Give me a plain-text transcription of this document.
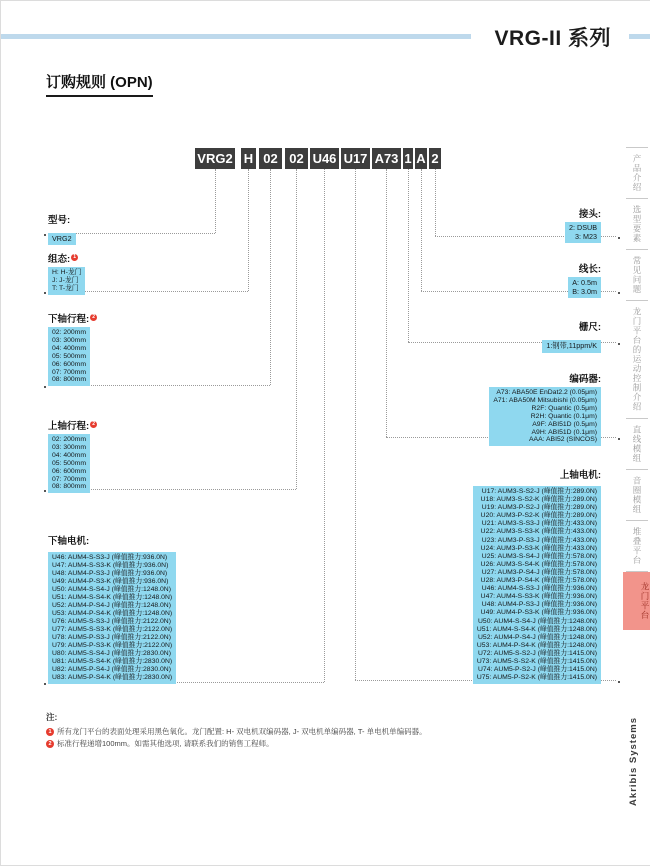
VRG-II 系列
订购规则 (OPN)
VRG2 H 02 02 U46 U17 A73 1 A 2
型号:
VRG2
组态: 1
H: H-龙门
J: J-龙门
T: T-龙门
下轴行程: 2
02: 200mm
03: 300mm
04: 400mm
05: 500mm
06: 600mm
07: 700mm
08: 800mm
上轴行程: 2
02: 200mm
03: 300mm
04: 400mm
05: 500mm
06: 600mm
07: 700mm
08: 800mm
下轴电机:
U46: AUM4-S-S3-J (峰值推力:936.0N)
U47: AUM4-S-S3-K (峰值推力:936.0N)
U48: AUM4-P-S3-J (峰值推力:936.0N)
U49: AUM4-P-S3-K (峰值推力:936.0N)
U50: AUM4-S-S4-J (峰值推力:1248.0N)
U51: AUM4-S-S4-K (峰值推力:1248.0N)
U52: AUM4-P-S4-J (峰值推力:1248.0N)
U53: AUM4-P-S4-K (峰值推力:1248.0N)
U76: AUM5-S-S3-J (峰值推力:2122.0N)
U77: AUM5-S-S3-K (峰值推力:2122.0N)
U78: AUM5-P-S3-J (峰值推力:2122.0N)
U79: AUM5-P-S3-K (峰值推力:2122.0N)
U80: AUM5-S-S4-J (峰值推力:2830.0N)
U81: AUM5-S-S4-K (峰值推力:2830.0N)
U82: AUM5-P-S4-J (峰值推力:2830.0N)
U83: AUM5-P-S4-K (峰值推力:2830.0N)
接头:
2: DSUB
3: M23
线长:
A: 0.5m
B: 3.0m
栅尺:
1:钢带,11ppm/K
编码器:
A73: ABA50E EnDat2.2 (0.05μm)
A71: ABA50M Mitsubishi (0.05μm)
R2F: Quantic (0.5μm)
R2H: Quantic (0.1μm)
A9F: ABI51D (0.5μm)
A9H: ABI51D (0.1μm)
AAA: ABI52 (SINCOS)
上轴电机:
U17: AUM3-S-S2-J (峰值推力:289.0N)
U18: AUM3-S-S2-K (峰值推力:289.0N)
U19: AUM3-P-S2-J (峰值推力:289.0N)
U20: AUM3-P-S2-K (峰值推力:289.0N)
U21: AUM3-S-S3-J (峰值推力:433.0N)
U22: AUM3-S-S3-K (峰值推力:433.0N)
U23: AUM3-P-S3-J (峰值推力:433.0N)
U24: AUM3-P-S3-K (峰值推力:433.0N)
U25: AUM3-S-S4-J (峰值推力:578.0N)
U26: AUM3-S-S4-K (峰值推力:578.0N)
U27: AUM3-P-S4-J (峰值推力:578.0N)
U28: AUM3-P-S4-K (峰值推力:578.0N)
U46: AUM4-S-S3-J (峰值推力:936.0N)
U47: AUM4-S-S3-K (峰值推力:936.0N)
U48: AUM4-P-S3-J (峰值推力:936.0N)
U49: AUM4-P-S3-K (峰值推力:936.0N)
U50: AUM4-S-S4-J (峰值推力:1248.0N)
U51: AUM4-S-S4-K (峰值推力:1248.0N)
U52: AUM4-P-S4-J (峰值推力:1248.0N)
U53: AUM4-P-S4-K (峰值推力:1248.0N)
U72: AUM5-S-S2-J (峰值推力:1415.0N)
U73: AUM5-S-S2-K (峰值推力:1415.0N)
U74: AUM5-P-S2-J (峰值推力:1415.0N)
U75: AUM5-P-S2-K (峰值推力:1415.0N)
注:
1 所有龙门平台的表面处理采用黑色氧化。龙门配置: H- 双电机双编码器, J- 双电机单编码器, T- 单电机单编码器。
2 标准行程递增100mm。如需其他选项, 请联系我们的销售工程师。
产品介绍
选型要素
常见问题
龙门平台的运动控制介绍
直线模组
音圈模组
堆叠平台
龙门平台
Akribis Systems
